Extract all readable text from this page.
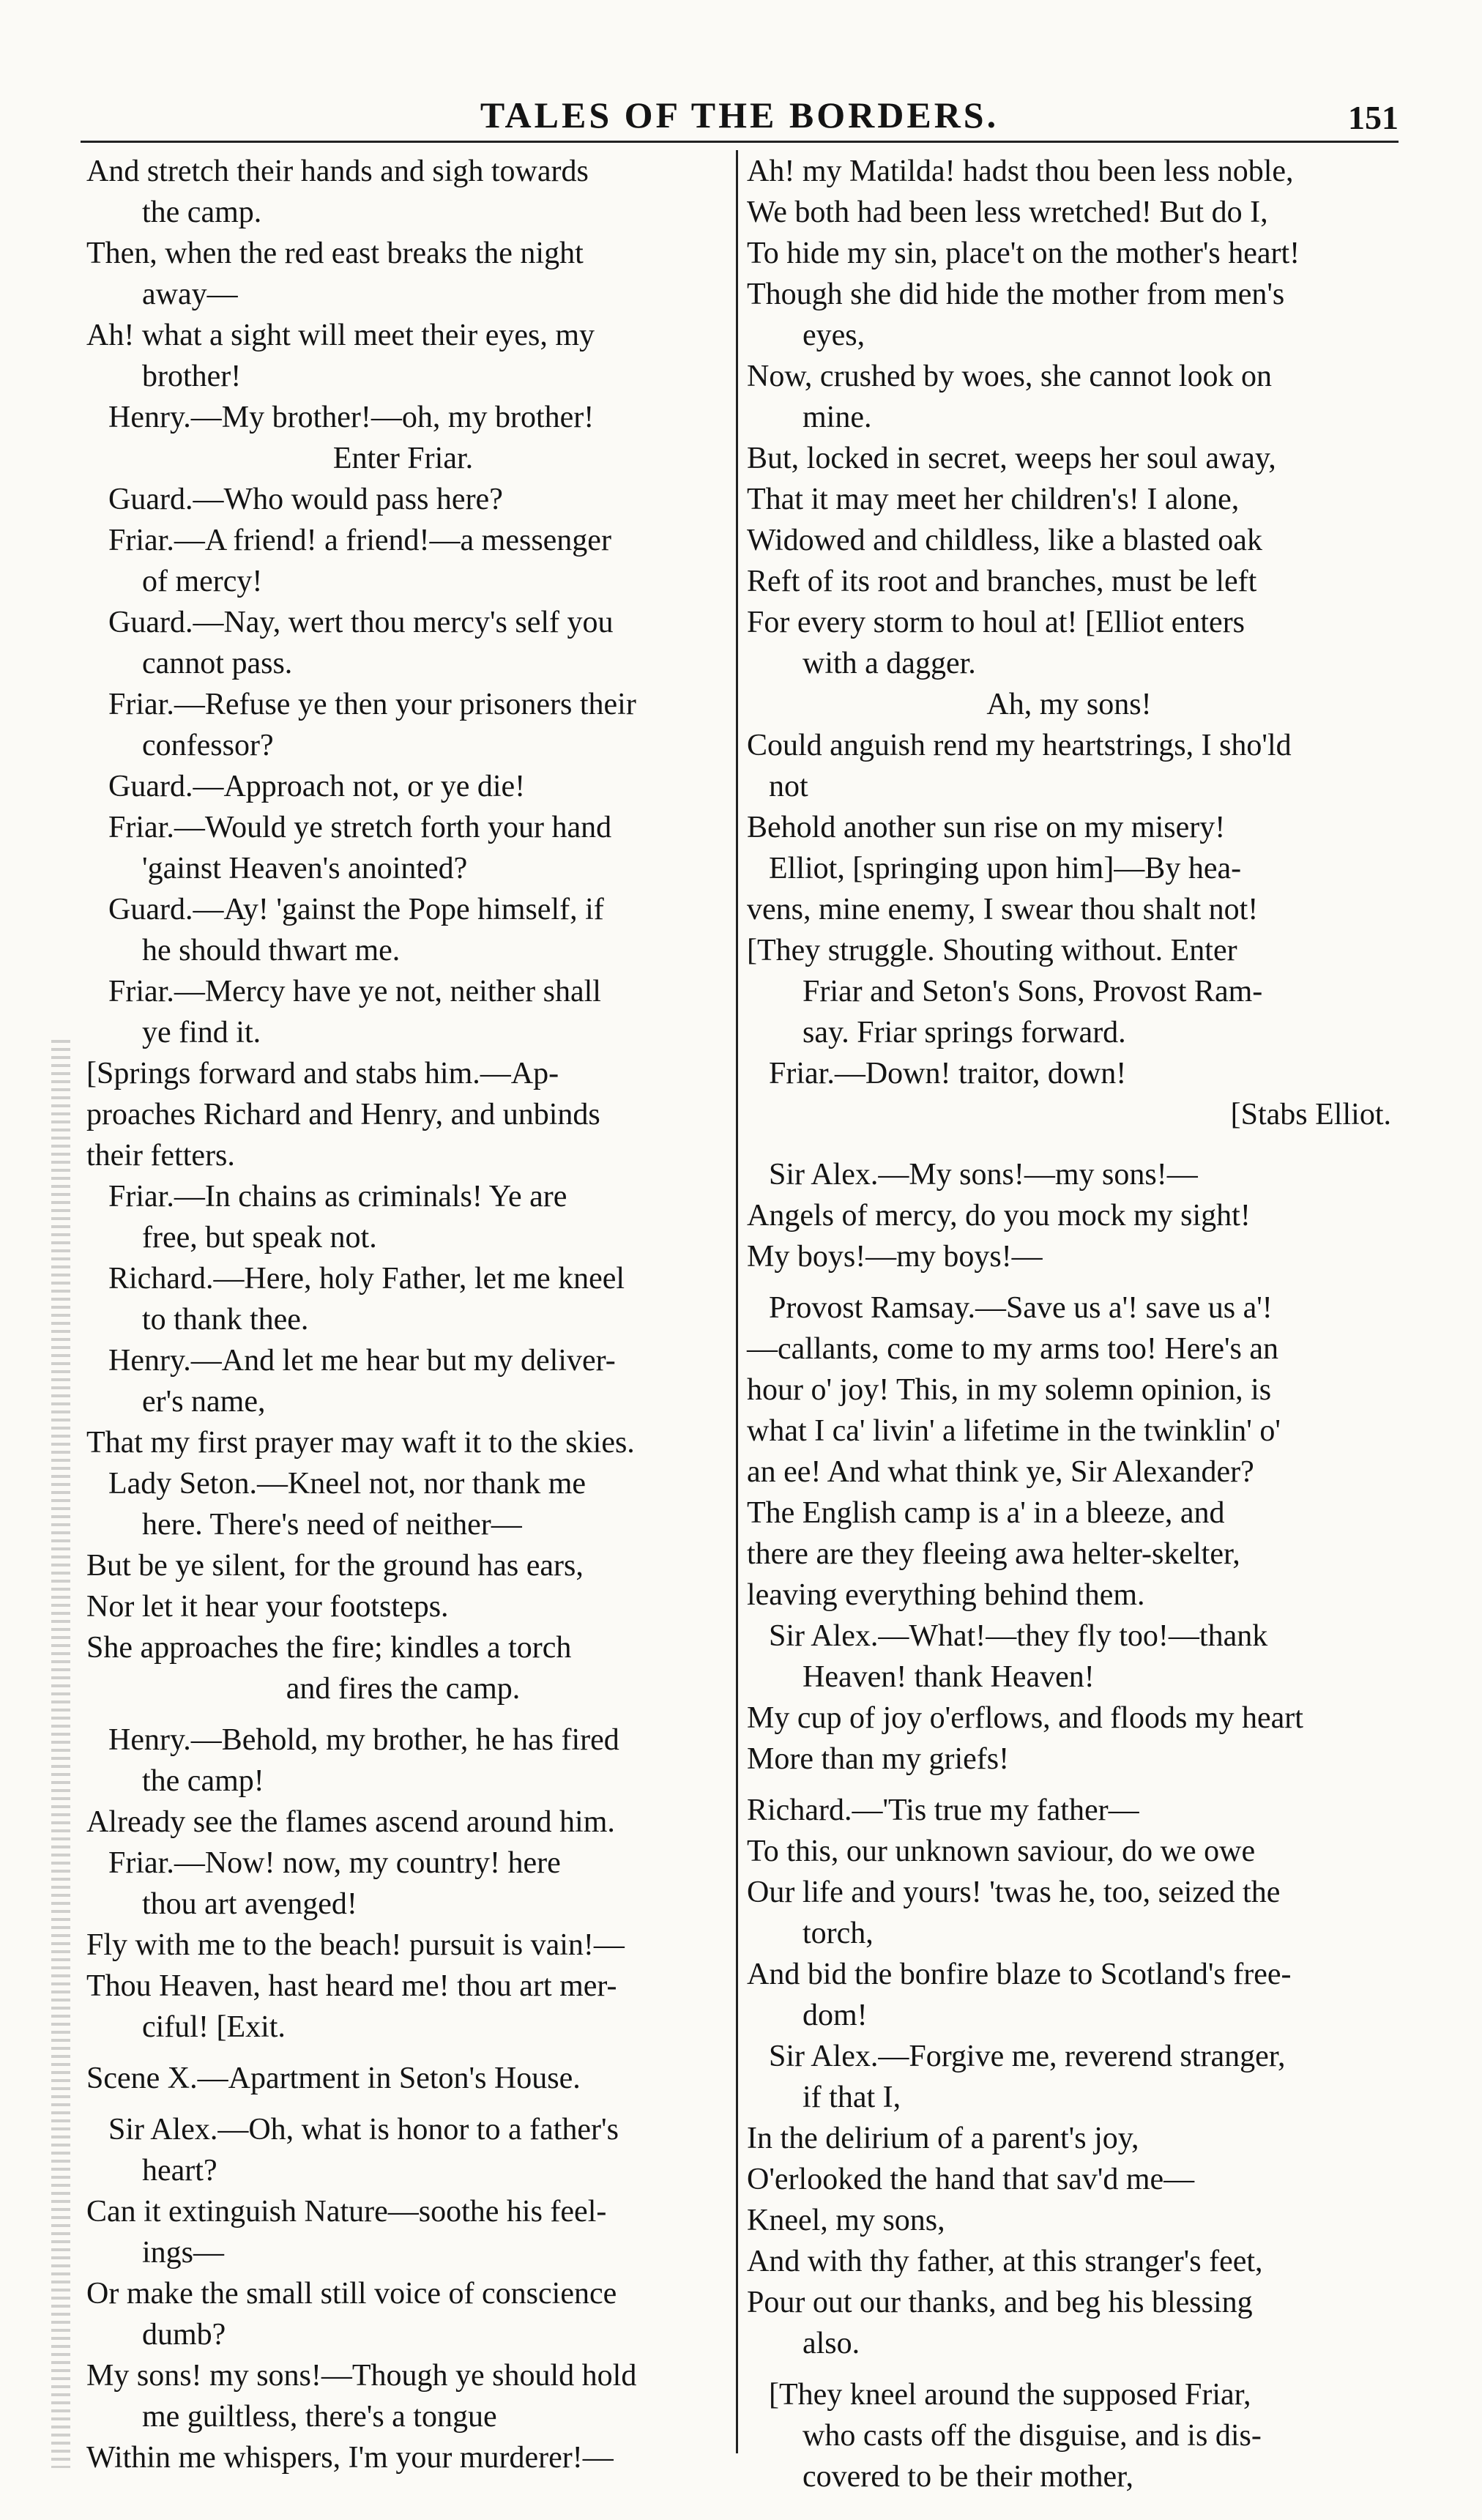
TALES OF THE BORDERS.	151
And stretch their hands and sigh towards
the camp.
Then, when the red east breaks the night
away—
Ah! what a sight will meet their eyes, my
brother!
Henry.—My brother!—oh, my brother!
Enter Friar.
Guard.—Who would pass here?
Friar.—A friend! a friend!—a messenger
of mercy!
Guard.—Nay, wert thou mercy's self you
cannot pass.
Friar.—Refuse ye then your prisoners their
confessor?
Guard.—Approach not, or ye die!
Friar.—Would ye stretch forth your hand
'gainst Heaven's anointed?
Guard.—Ay! 'gainst the Pope himself, if
he should thwart me.
Friar.—Mercy have ye not, neither shall
ye find it.
[Springs forward and stabs him.—Ap-
proaches Richard and Henry, and unbinds
their fetters.
Friar.—In chains as criminals! Ye are
free, but speak not.
Richard.—Here, holy Father, let me kneel
to thank thee.
Henry.—And let me hear but my deliver-
er's name,
That my first prayer may waft it to the skies.
Lady Seton.—Kneel not, nor thank me
here. There's need of neither—
But be ye silent, for the ground has ears,
Nor let it hear your footsteps.
She approaches the fire; kindles a torch
and fires the camp.
Henry.—Behold, my brother, he has fired
the camp!
Already see the flames ascend around him.
Friar.—Now! now, my country! here
thou art avenged!
Fly with me to the beach! pursuit is vain!—
Thou Heaven, hast heard me! thou art mer-
ciful! [Exit.
Scene X.—Apartment in Seton's House.
Sir Alex.—Oh, what is honor to a father's
heart?
Can it extinguish Nature—soothe his feel-
ings—
Or make the small still voice of conscience
dumb?
My sons! my sons!—Though ye should hold
me guiltless, there's a tongue
Within me whispers, I'm your murderer!—
Ah! my Matilda! hadst thou been less noble,
We both had been less wretched! But do I,
To hide my sin, place't on the mother's heart!
Though she did hide the mother from men's
eyes,
Now, crushed by woes, she cannot look on
mine.
But, locked in secret, weeps her soul away,
That it may meet her children's! I alone,
Widowed and childless, like a blasted oak
Reft of its root and branches, must be left
For every storm to houl at! [Elliot enters
with a dagger.
Ah, my sons!
Could anguish rend my heartstrings, I sho'ld
not
Behold another sun rise on my misery!
Elliot, [springing upon him]—By hea-
vens, mine enemy, I swear thou shalt not!
[They struggle. Shouting without. Enter
Friar and Seton's Sons, Provost Ram-
say. Friar springs forward.
Friar.—Down! traitor, down!
[Stabs Elliot.
Sir Alex.—My sons!—my sons!—
Angels of mercy, do you mock my sight!
My boys!—my boys!—
Provost Ramsay.—Save us a'! save us a'!
—callants, come to my arms too! Here's an
hour o' joy! This, in my solemn opinion, is
what I ca' livin' a lifetime in the twinklin' o'
an ee! And what think ye, Sir Alexander?
The English camp is a' in a bleeze, and
there are they fleeing awa helter-skelter,
leaving everything behind them.
Sir Alex.—What!—they fly too!—thank
Heaven! thank Heaven!
My cup of joy o'erflows, and floods my heart
More than my griefs!
Richard.—'Tis true my father—
To this, our unknown saviour, do we owe
Our life and yours! 'twas he, too, seized the
torch,
And bid the bonfire blaze to Scotland's free-
dom!
Sir Alex.—Forgive me, reverend stranger,
if that I,
In the delirium of a parent's joy,
O'erlooked the hand that sav'd me—
Kneel, my sons,
And with thy father, at this stranger's feet,
Pour out our thanks, and beg his blessing
also.
[They kneel around the supposed Friar,
who casts off the disguise, and is dis-
covered to be their mother,
